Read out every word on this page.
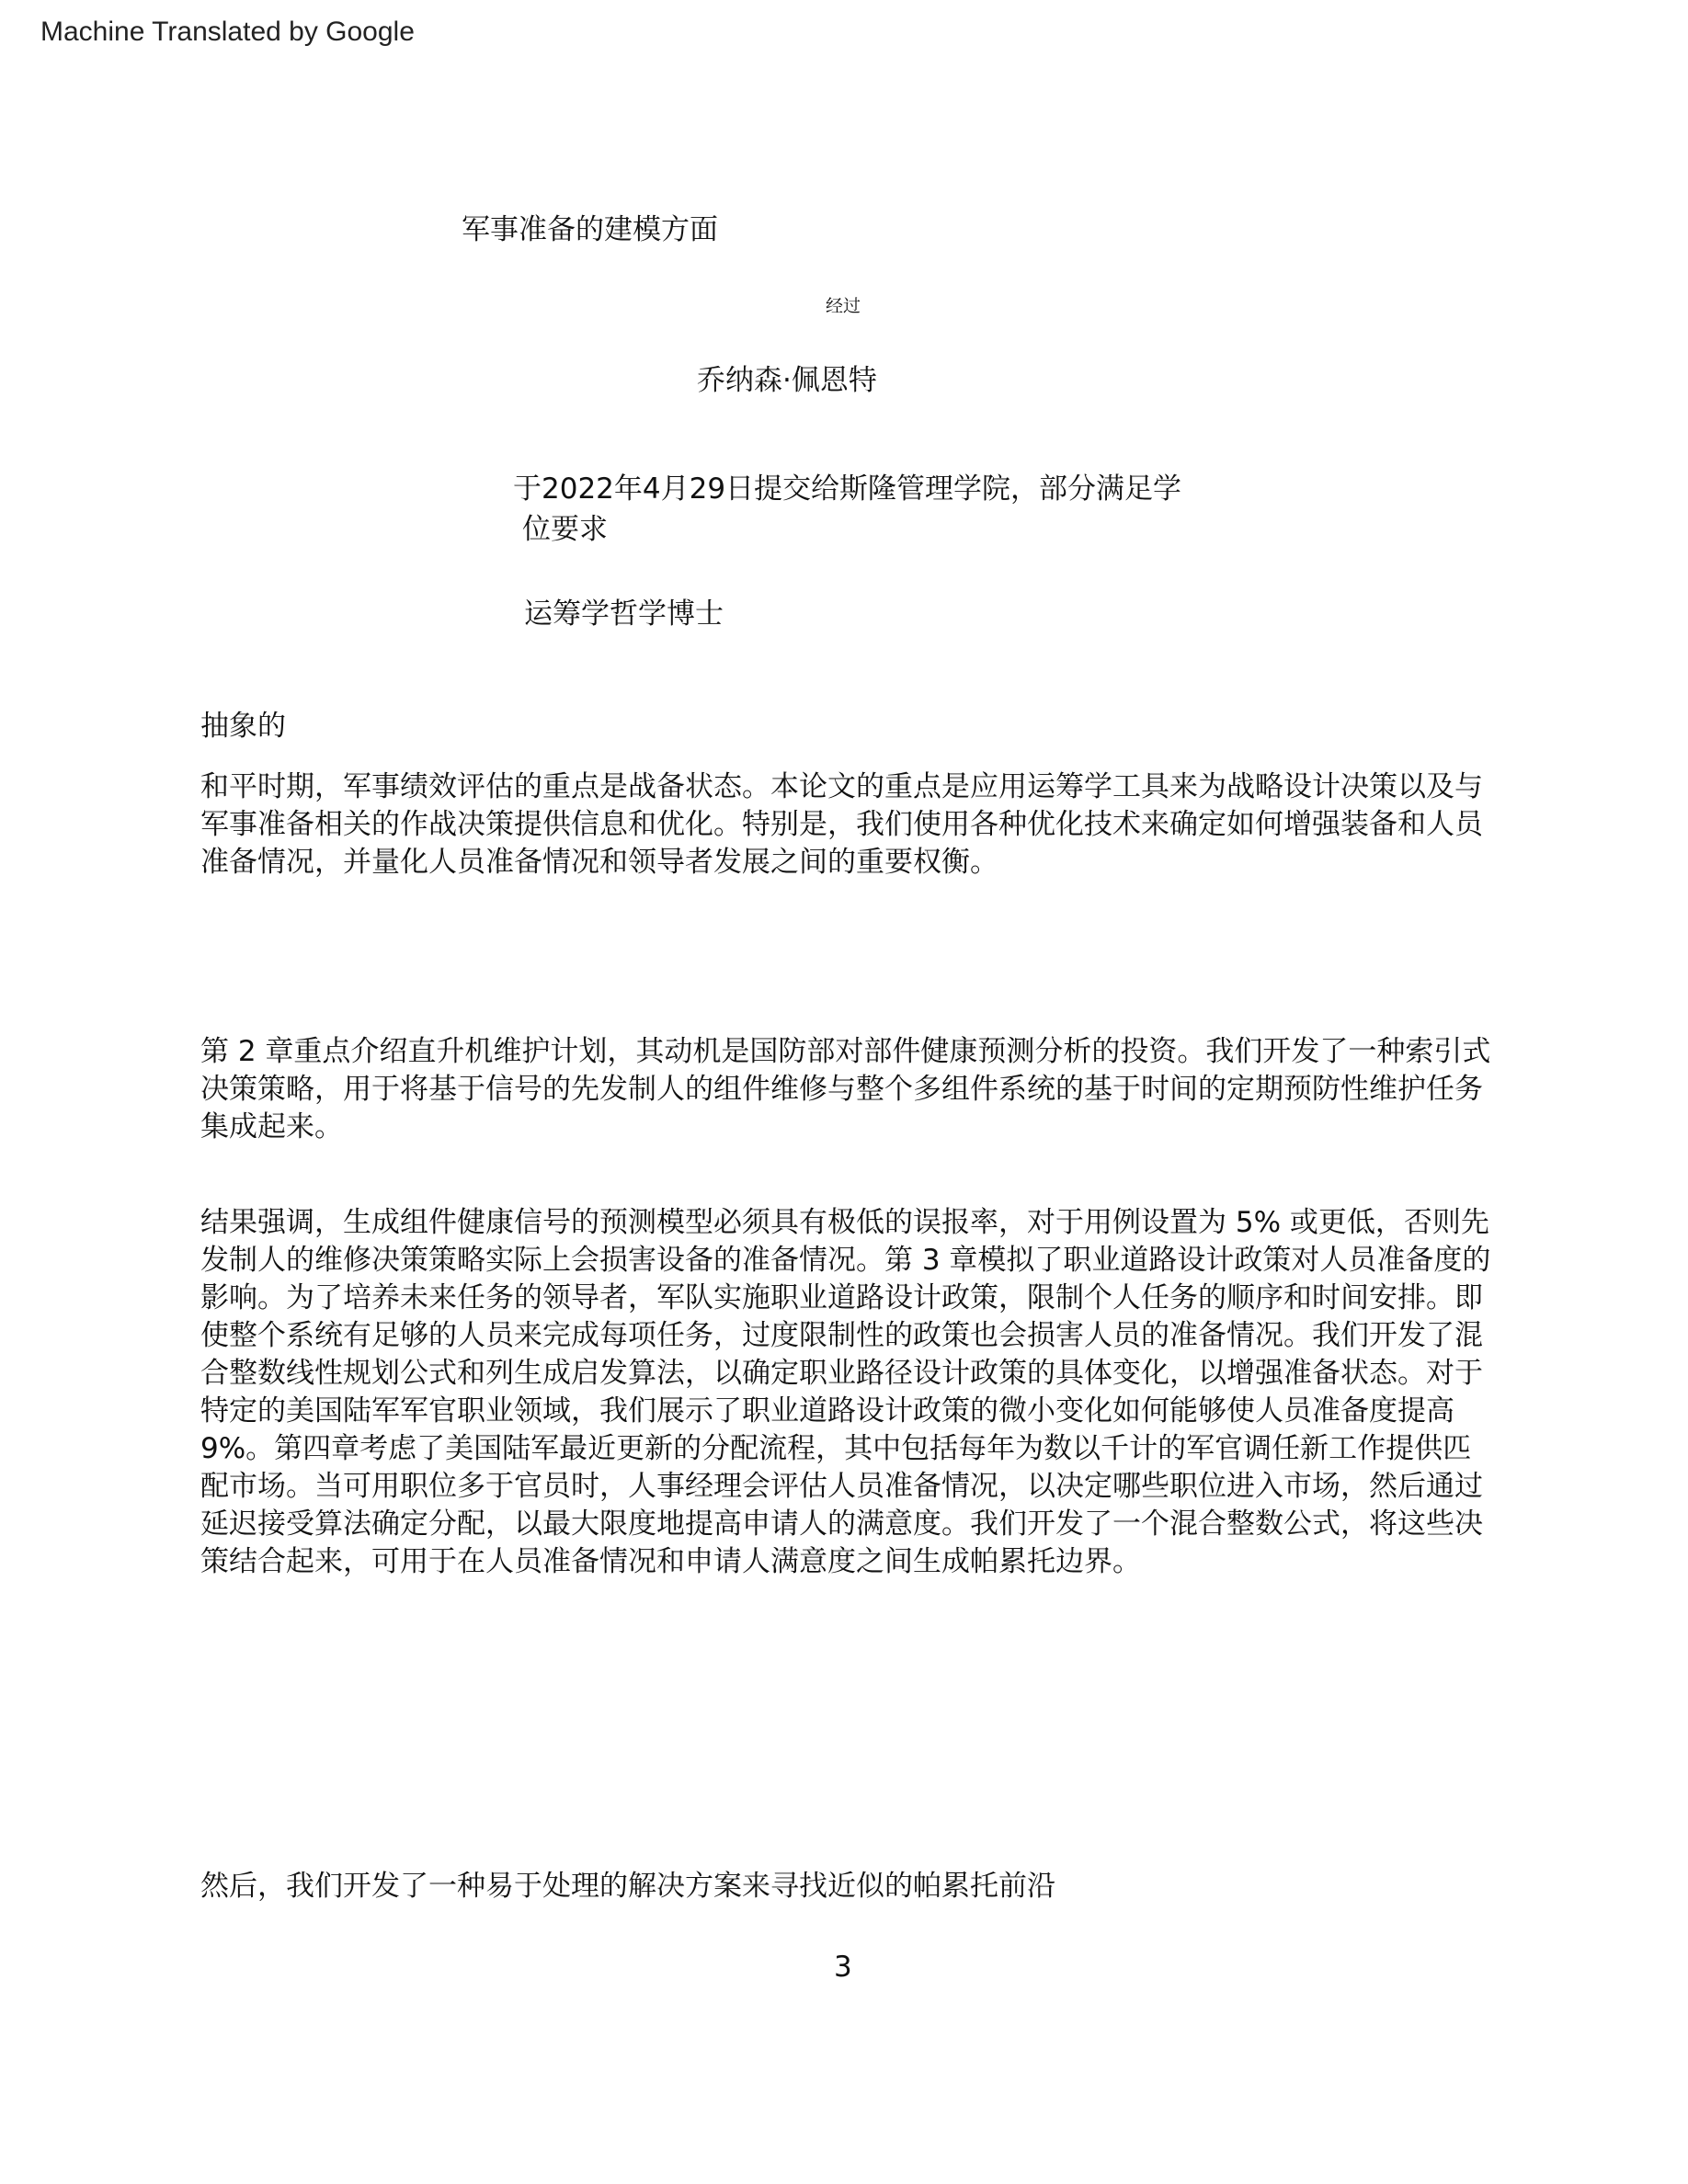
Machine Translated by Google
军事准备的建模方面
经过
乔纳森·佩恩特
于2022年4月29日提交给斯隆管理学院，部分满足学
位要求
运筹学哲学博士
抽象的

和平时期，军事绩效评估的重点是战备状态。本论文的重点是应用运筹学工具来为战略设计决策以及与军事准备相关的作战决策提供信息和优化。特别是，我们使用各种优化技术来确定如何增强装备和人员准备情况，并量化人员准备情况和领导者发展之间的重要权衡。

第 2 章重点介绍直升机维护计划，其动机是国防部对部件健康预测分析的投资。我们开发了一种索引式决策策略，用于将基于信号的先发制人的组件维修与整个多组件系统的基于时间的定期预防性维护任务集成起来。

结果强调，生成组件健康信号的预测模型必须具有极低的误报率，对于用例设置为 5% 或更低，否则先发制人的维修决策策略实际上会损害设备的准备情况。第 3 章模拟了职业道路设计政策对人员准备度的影响。为了培养未来任务的领导者，军队实施职业道路设计政策，限制个人任务的顺序和时间安排。即使整个系统有足够的人员来完成每项任务，过度限制性的政策也会损害人员的准备情况。我们开发了混合整数线性规划公式和列生成启发算法，以确定职业路径设计政策的具体变化，以增强准备状态。对于特定的美国陆军军官职业领域，我们展示了职业道路设计政策的微小变化如何能够使人员准备度提高 9%。第四章考虑了美国陆军最近更新的分配流程，其中包括每年为数以千计的军官调任新工作提供匹配市场。当可用职位多于官员时，人事经理会评估人员准备情况，以决定哪些职位进入市场，然后通过延迟接受算法确定分配，以最大限度地提高申请人的满意度。我们开发了一个混合整数公式，将这些决策结合起来，可用于在人员准备情况和申请人满意度之间生成帕累托边界。

然后，我们开发了一种易于处理的解决方案来寻找近似的帕累托前沿

3
